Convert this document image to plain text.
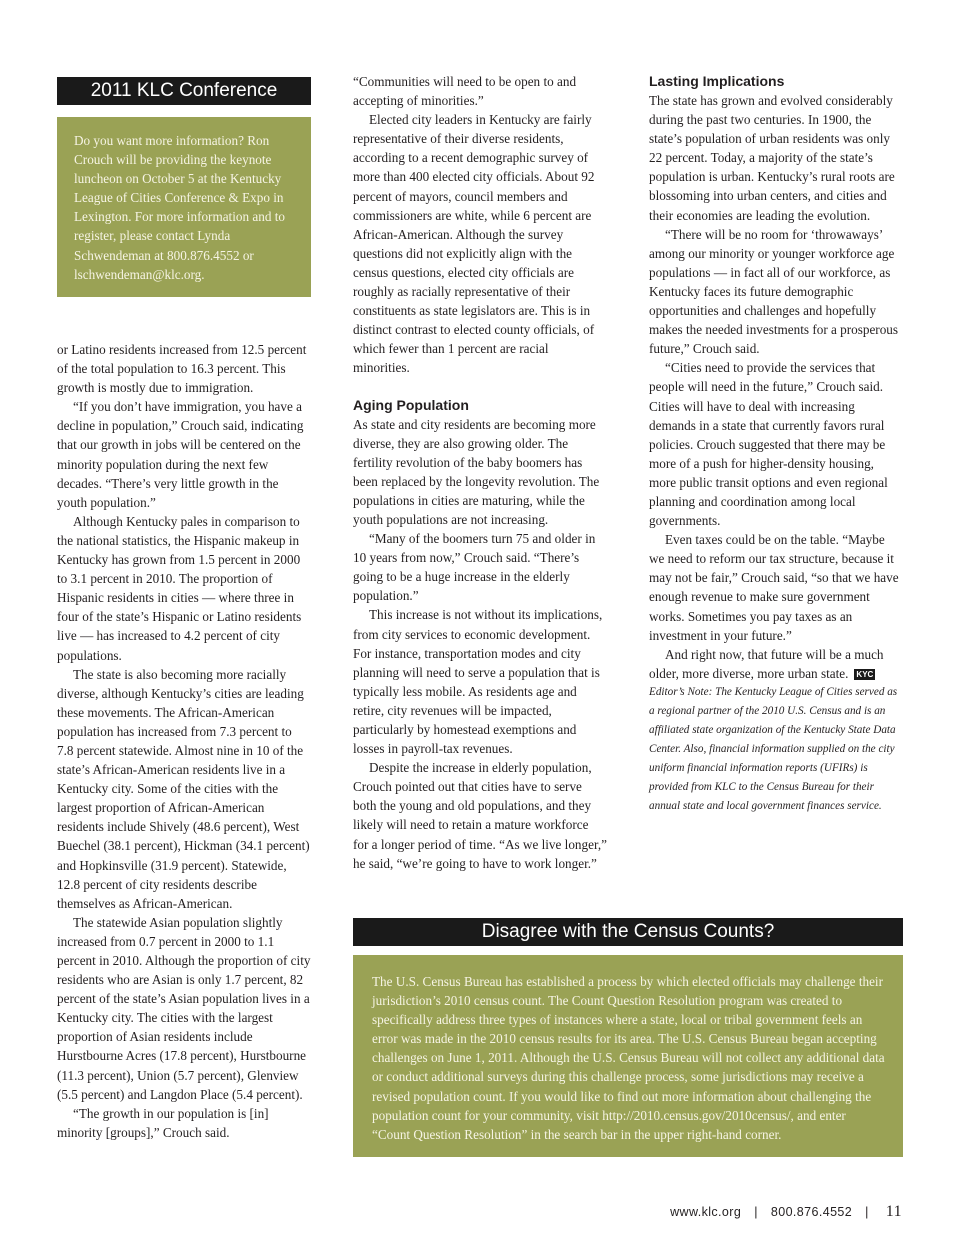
2011 KLC Conference
Do you want more information? Ron Crouch will be providing the keynote luncheon on October 5 at the Kentucky League of Cities Conference & Expo in Lexington. For more information and to register, please contact Lynda Schwendeman at 800.876.4552 or lschwendeman@klc.org.

or Latino residents increased from 12.5 percent of the total population to 16.3 percent. This growth is mostly due to immigration.

“If you don’t have immigration, you have a decline in population,” Crouch said, indicating that our growth in jobs will be centered on the minority population during the next few decades. “There’s very little growth in the youth population.”

Although Kentucky pales in comparison to the national statistics, the Hispanic makeup in Kentucky has grown from 1.5 percent in 2000 to 3.1 percent in 2010. The proportion of Hispanic residents in cities — where three in four of the state’s Hispanic or Latino residents live — has increased to 4.2 percent of city populations.

The state is also becoming more racially diverse, although Kentucky’s cities are leading these movements. The African-American population has increased from 7.3 percent to 7.8 percent statewide. Almost nine in 10 of the state’s African-American residents live in a Kentucky city. Some of the cities with the largest proportion of African-American residents include Shively (48.6 percent), West Buechel (38.1 percent), Hickman (34.1 percent) and Hopkinsville (31.9 percent). Statewide, 12.8 percent of city residents describe themselves as African-American.

The statewide Asian population slightly increased from 0.7 percent in 2000 to 1.1 percent in 2010. Although the proportion of city residents who are Asian is only 1.7 percent, 82 percent of the state’s Asian population lives in a Kentucky city. The cities with the largest proportion of Asian residents include Hurstbourne Acres (17.8 percent), Hurstbourne (11.3 percent), Union (5.7 percent), Glenview (5.5 percent) and Langdon Place (5.4 percent).

“The growth in our population is [in] minority [groups],” Crouch said.

“Communities will need to be open to and accepting of minorities.”

Elected city leaders in Kentucky are fairly representative of their diverse residents, according to a recent demographic survey of more than 400 elected city officials. About 92 percent of mayors, council members and commissioners are white, while 6 percent are African-American. Although the survey questions did not explicitly align with the census questions, elected city officials are roughly as racially representative of their constituents as state legislators are. This is in distinct contrast to elected county officials, of which fewer than 1 percent are racial minorities.

Aging Population

As state and city residents are becoming more diverse, they are also growing older. The fertility revolution of the baby boomers has been replaced by the longevity revolution. The populations in cities are maturing, while the youth populations are not increasing.

“Many of the boomers turn 75 and older in 10 years from now,” Crouch said. “There’s going to be a huge increase in the elderly population.”

This increase is not without its implications, from city services to economic development. For instance, transportation modes and city planning will need to serve a population that is typically less mobile. As residents age and retire, city revenues will be impacted, particularly by homestead exemptions and losses in payroll-tax revenues.

Despite the increase in elderly population, Crouch pointed out that cities have to serve both the young and old populations, and they likely will need to retain a mature workforce for a longer period of time. “As we live longer,” he said, “we’re going to have to work longer.”

Lasting Implications

The state has grown and evolved considerably during the past two centuries. In 1900, the state’s population of urban residents was only 22 percent. Today, a majority of the state’s population is urban. Kentucky’s rural roots are blossoming into urban centers, and cities and their economies are leading the evolution.

“There will be no room for ‘throwaways’ among our minority or younger workforce age populations — in fact all of our workforce, as Kentucky faces its future demographic opportunities and challenges and hopefully makes the needed investments for a prosperous future,” Crouch said.

“Cities need to provide the services that people will need in the future,” Crouch said. Cities will have to deal with increasing demands in a state that currently favors rural policies. Crouch suggested that there may be more of a push for higher-density housing, more public transit options and even regional planning and coordination among local governments.

Even taxes could be on the table. “Maybe we need to reform our tax structure, because it may not be fair,” Crouch said, “so that we have enough revenue to make sure government works. Sometimes you pay taxes as an investment in your future.”

And right now, that future will be a much older, more diverse, more urban state. KYC

Editor’s Note: The Kentucky League of Cities served as a regional partner of the 2010 U.S. Census and is an affiliated state organization of the Kentucky State Data Center. Also, financial information supplied on the city uniform financial information reports (UFIRs) is provided from KLC to the Census Bureau for their annual state and local government finances service.

Disagree with the Census Counts?
The U.S. Census Bureau has established a process by which elected officials may challenge their jurisdiction’s 2010 census count. The Count Question Resolution program was created to specifically address three types of instances where a state, local or tribal government feels an error was made in the 2010 census results for its area. The U.S. Census Bureau began accepting challenges on June 1, 2011. Although the U.S. Census Bureau will not collect any additional data or conduct additional surveys during this challenge process, some jurisdictions may receive a revised population count. If you would like to find out more information about challenging the population count for your community, visit http://2010.census.gov/2010census/, and enter “Count Question Resolution” in the search bar in the upper right-hand corner.
www.klc.org | 800.876.4552 | 11
